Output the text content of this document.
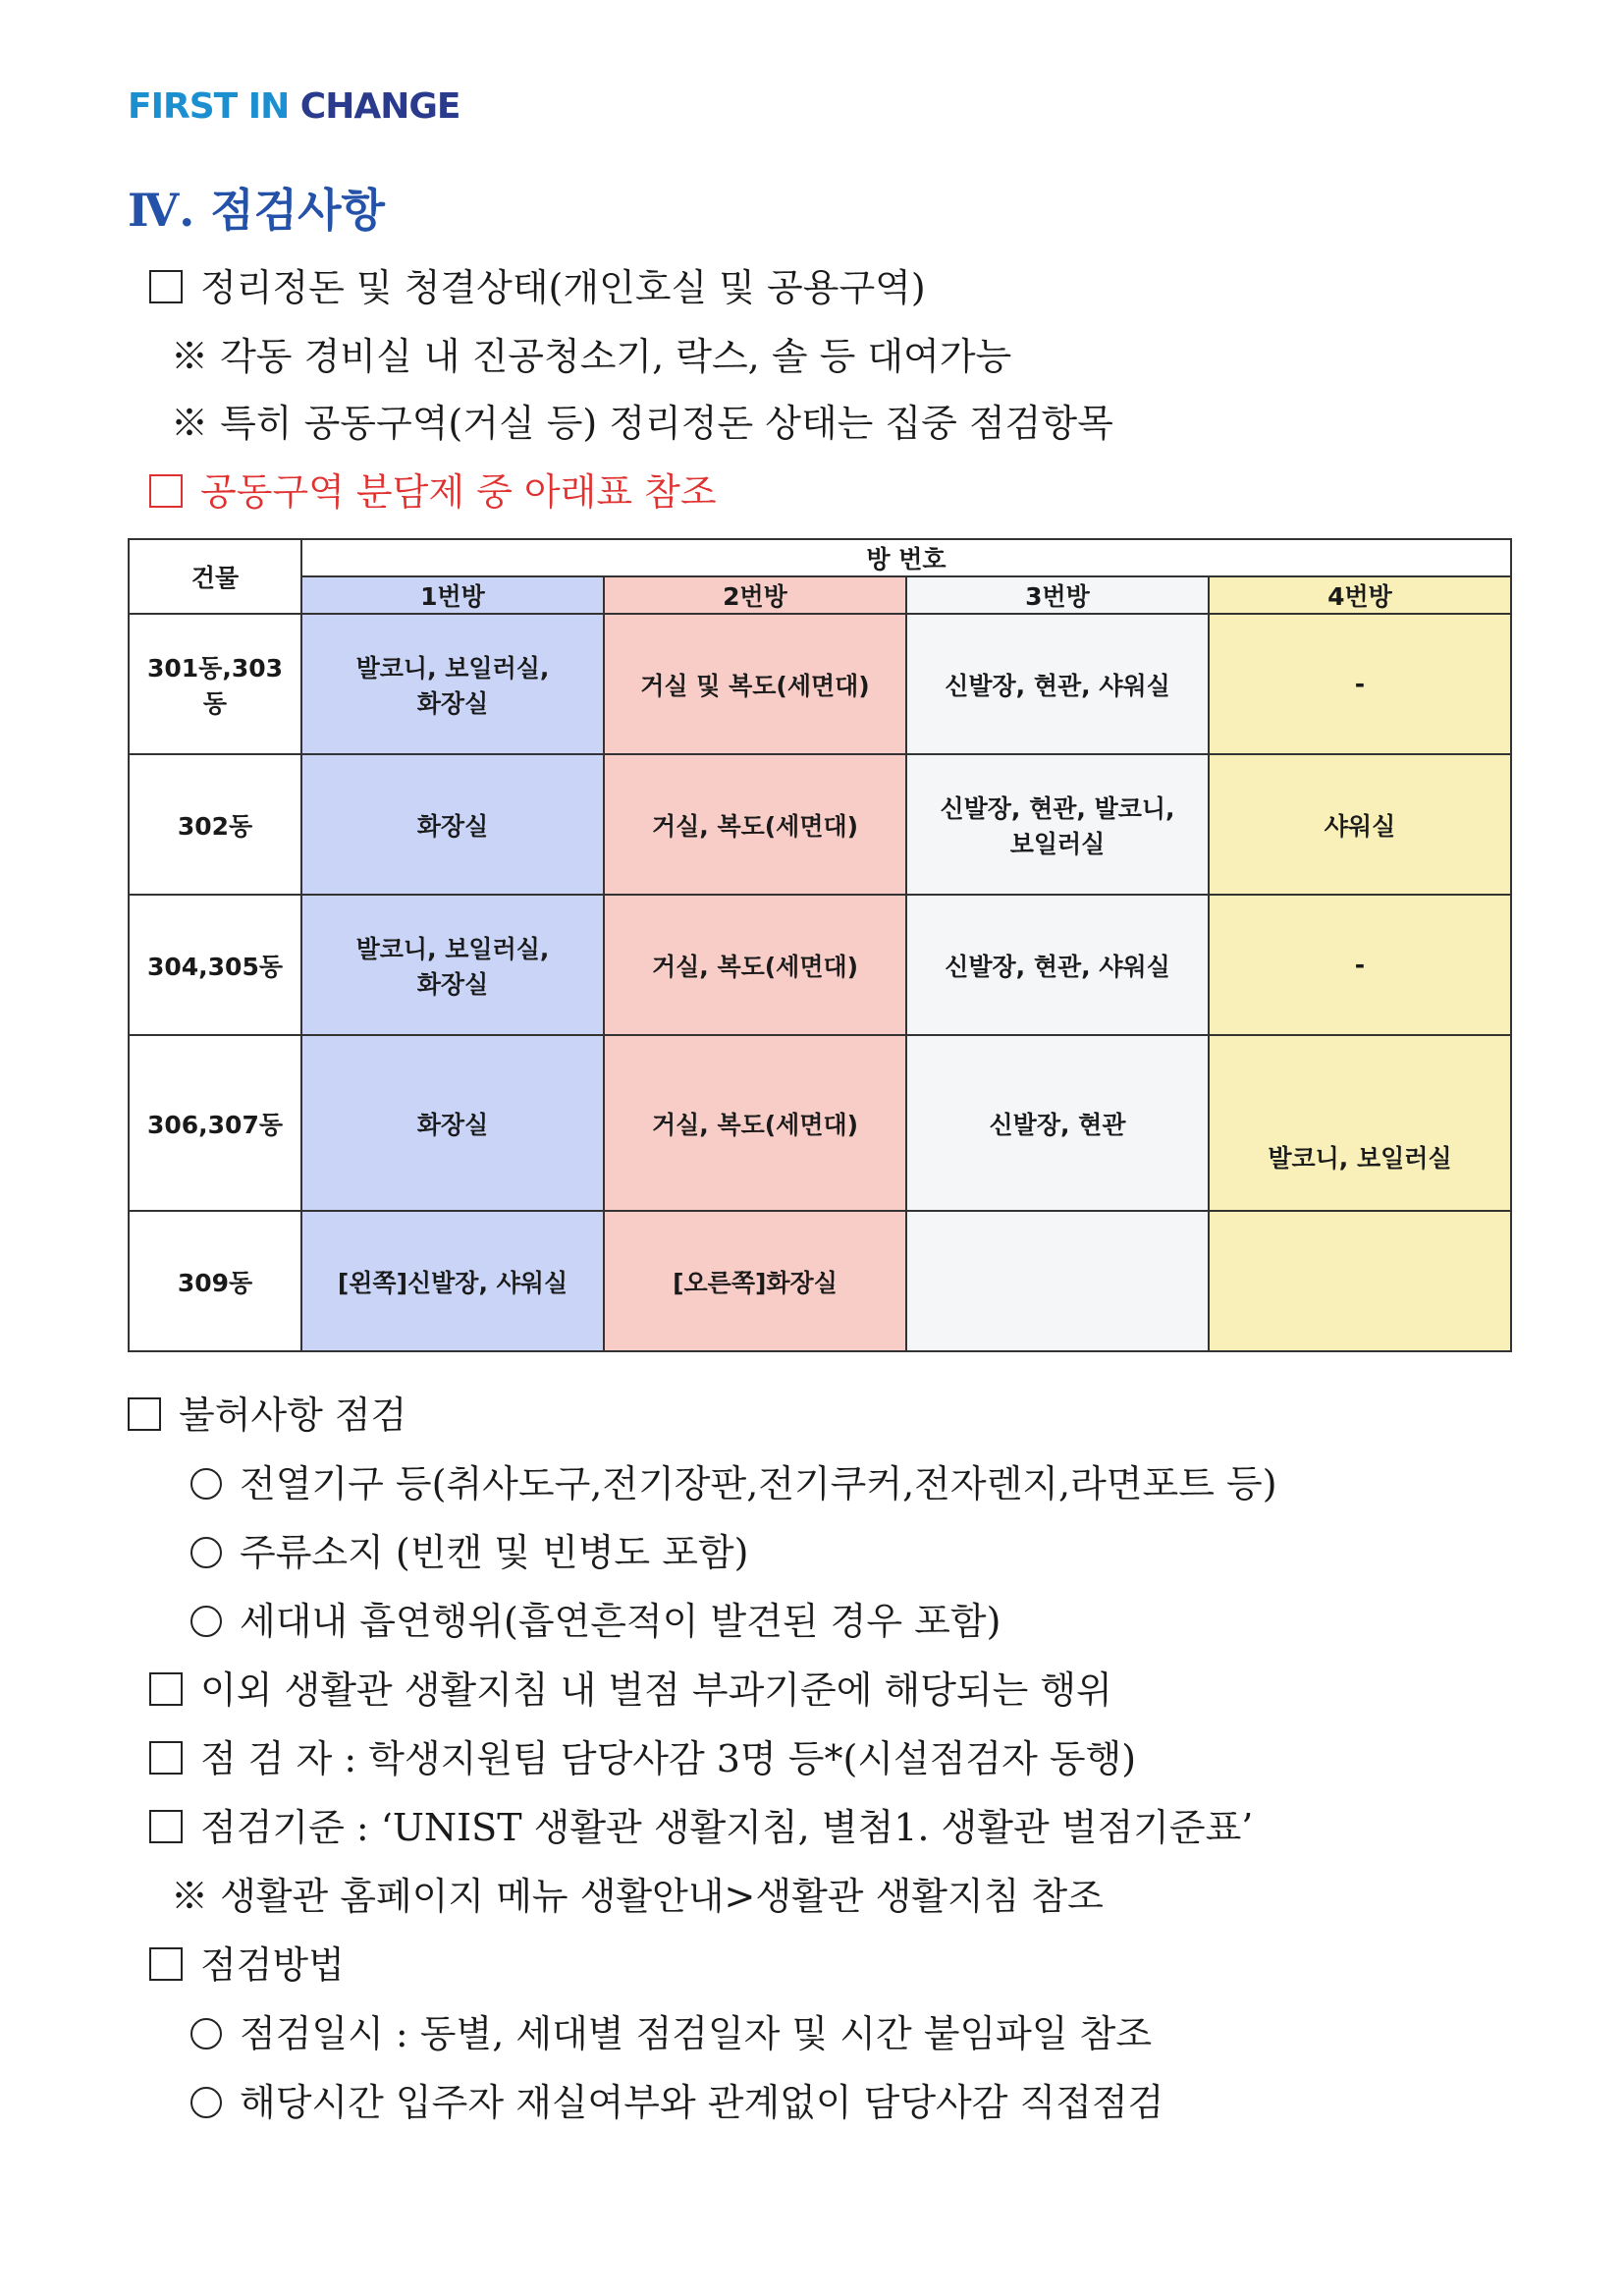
FIRST IN CHANGE
Ⅳ. 점검사항
정리정돈 및 청결상태(개인호실 및 공용구역)
※ 각동 경비실 내 진공청소기, 락스, 솔 등 대여가능
※ 특히 공동구역(거실 등) 정리정돈 상태는 집중 점검항목
공동구역 분담제 중 아래표 참조
건물	방 번호			
	1번방	2번방	3번방	4번방
301동,303동	발코니, 보일러실,
화장실	거실 및 복도(세면대)	신발장, 현관, 샤워실	-
302동	화장실	거실, 복도(세면대)	신발장, 현관, 발코니,
보일러실	샤워실
304,305동	발코니, 보일러실,
화장실	거실, 복도(세면대)	신발장, 현관, 샤워실	-
306,307동	화장실	거실, 복도(세면대)	신발장, 현관	발코니, 보일러실
309동	[왼쪽]신발장, 샤워실	[오른쪽]화장실		
불허사항 점검
전열기구 등(취사도구,전기장판,전기쿠커,전자렌지,라면포트 등)
주류소지 (빈캔 및 빈병도 포함)
세대내 흡연행위(흡연흔적이 발견된 경우 포함)
이외 생활관 생활지침 내 벌점 부과기준에 해당되는 행위
점 검 자 : 학생지원팀 담당사감 3명 등*(시설점검자 동행)
점검기준 : ‘UNIST 생활관 생활지침, 별첨1. 생활관 벌점기준표’
※ 생활관 홈페이지 메뉴 생활안내>생활관 생활지침 참조
점검방법
점검일시 : 동별, 세대별 점검일자 및 시간 붙임파일 참조
해당시간 입주자 재실여부와 관계없이 담당사감 직접점검
